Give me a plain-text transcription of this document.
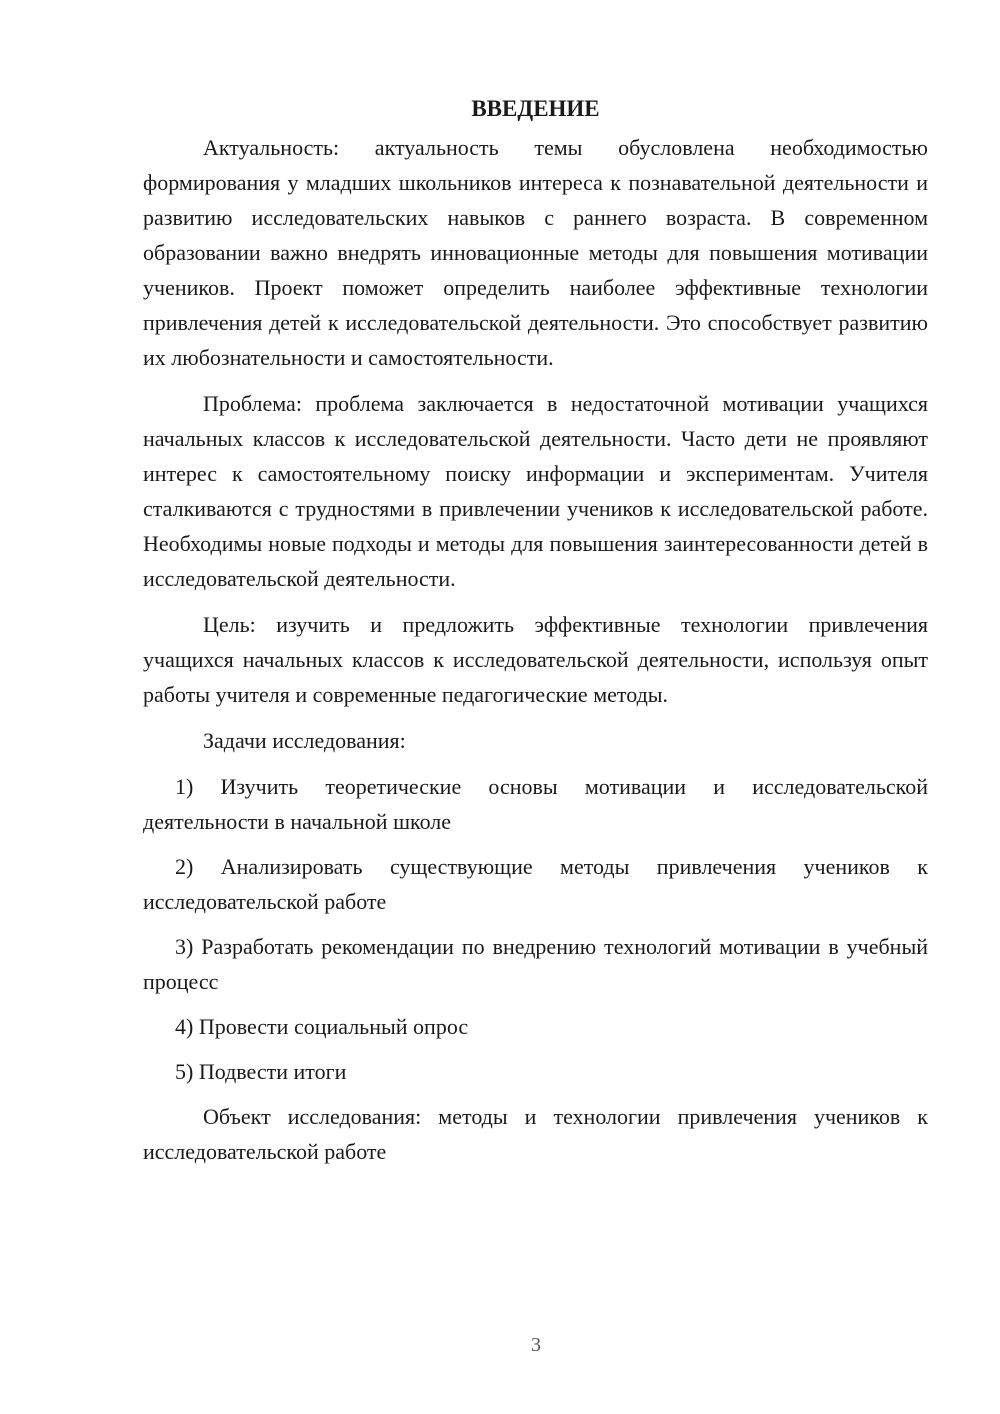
ВВЕДЕНИЕ

Актуальность: актуальность темы обусловлена необходимостью формирования у младших школьников интереса к познавательной деятельности и развитию исследовательских навыков с раннего возраста. В современном образовании важно внедрять инновационные методы для повышения мотивации учеников. Проект поможет определить наиболее эффективные технологии привлечения детей к исследовательской деятельности. Это способствует развитию их любознательности и самостоятельности.

Проблема: проблема заключается в недостаточной мотивации учащихся начальных классов к исследовательской деятельности. Часто дети не проявляют интерес к самостоятельному поиску информации и экспериментам. Учителя сталкиваются с трудностями в привлечении учеников к исследовательской работе. Необходимы новые подходы и методы для повышения заинтересованности детей в исследовательской деятельности.

Цель: изучить и предложить эффективные технологии привлечения учащихся начальных классов к исследовательской деятельности, используя опыт работы учителя и современные педагогические методы.

Задачи исследования:

1) Изучить теоретические основы мотивации и исследовательской деятельности в начальной школе

2) Анализировать существующие методы привлечения учеников к исследовательской работе

3) Разработать рекомендации по внедрению технологий мотивации в учебный процесс

4) Провести социальный опрос

5) Подвести итоги

Объект исследования: методы и технологии привлечения учеников к исследовательской работе

3
